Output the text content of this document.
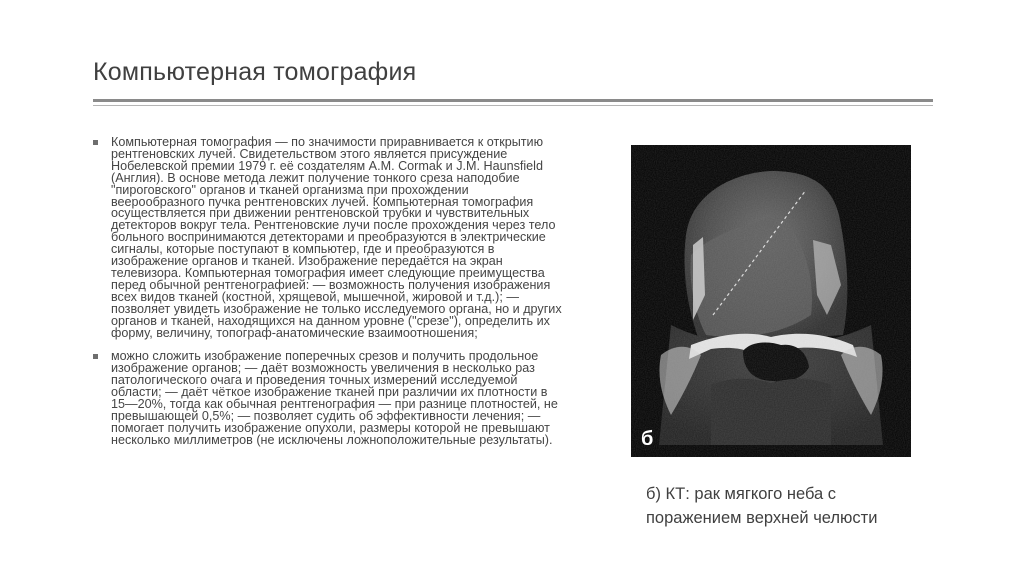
Компьютерная томография
Компьютерная томография — по значимости приравнивается к открытию рентгеновских лучей. Свидетельством этого является присуждение Нобелевской премии 1979 г. её создателям A.M. Cormak и J.M. Haunsfield (Англия). В основе метода лежит получение тонкого среза наподобие "пироговского" органов и тканей организма при прохождении веерообразного пучка рентгеновских лучей. Компьютерная томография осуществляется при движении рентгеновской трубки и чувствительных детекторов вокруг тела. Рентгеновские лучи после прохождения через тело больного воспринимаются детекторами и преобразуются в электрические сигналы, которые поступают в компьютер, где и преобразуются в изображение органов и тканей. Изображение передаётся на экран телевизора. Компьютерная томография имеет следующие преимущества перед обычной рентгенографией: — возможность получения изображения всех видов тканей (костной, хрящевой, мышечной, жировой и т.д.); — позволяет увидеть изображение не только исследуемого органа, но и других органов и тканей, находящихся на данном уровне ("срезе"), определить их форму, величину, топограф-анатомические взаимоотношения;
можно сложить изображение поперечных срезов и получить продольное изображение органов; — даёт возможность увеличения в несколько раз патологического очага и проведения точных измерений исследуемой области; — даёт чёткое изображение тканей при различии их плотности в 15—20%, тогда как обычная рентгенография — при разнице плотностей, не превышающей 0,5%; — позволяет судить об эффективности лечения; — помогает получить изображение опухоли, размеры которой не превышают несколько миллиметров (не исключены ложноположительные результаты).	б
б) КТ: рак мягкого неба с поражением верхней челюсти
